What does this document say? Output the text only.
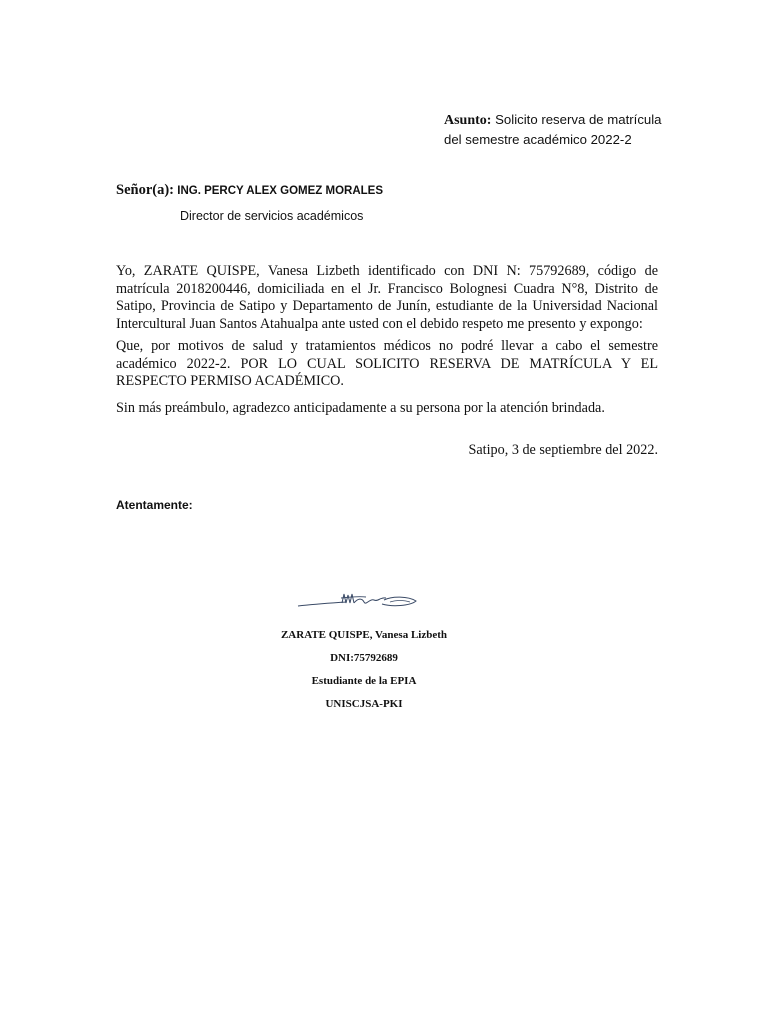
Asunto: Solicito reserva de matrícula del semestre académico 2022-2
Señor(a): ING. PERCY ALEX GOMEZ MORALES
Director de servicios académicos

Yo, ZARATE QUISPE, Vanesa Lizbeth identificado con DNI N: 75792689, código de matrícula 2018200446, domiciliada en el Jr. Francisco Bolognesi Cuadra N°8, Distrito de Satipo, Provincia de Satipo y Departamento de Junín, estudiante de la Universidad Nacional Intercultural Juan Santos Atahualpa ante usted con el debido respeto me presento y expongo:

Que, por motivos de salud y tratamientos médicos no podré llevar a cabo el semestre académico 2022-2. POR LO CUAL SOLICITO RESERVA DE MATRÍCULA Y EL RESPECTO PERMISO ACADÉMICO.

Sin más preámbulo, agradezco anticipadamente a su persona por la atención brindada.

Satipo, 3 de septiembre del 2022.
Atentamente:
ZARATE QUISPE, Vanesa Lizbeth
DNI:75792689
Estudiante de la EPIA
UNISCJSA-PKI
